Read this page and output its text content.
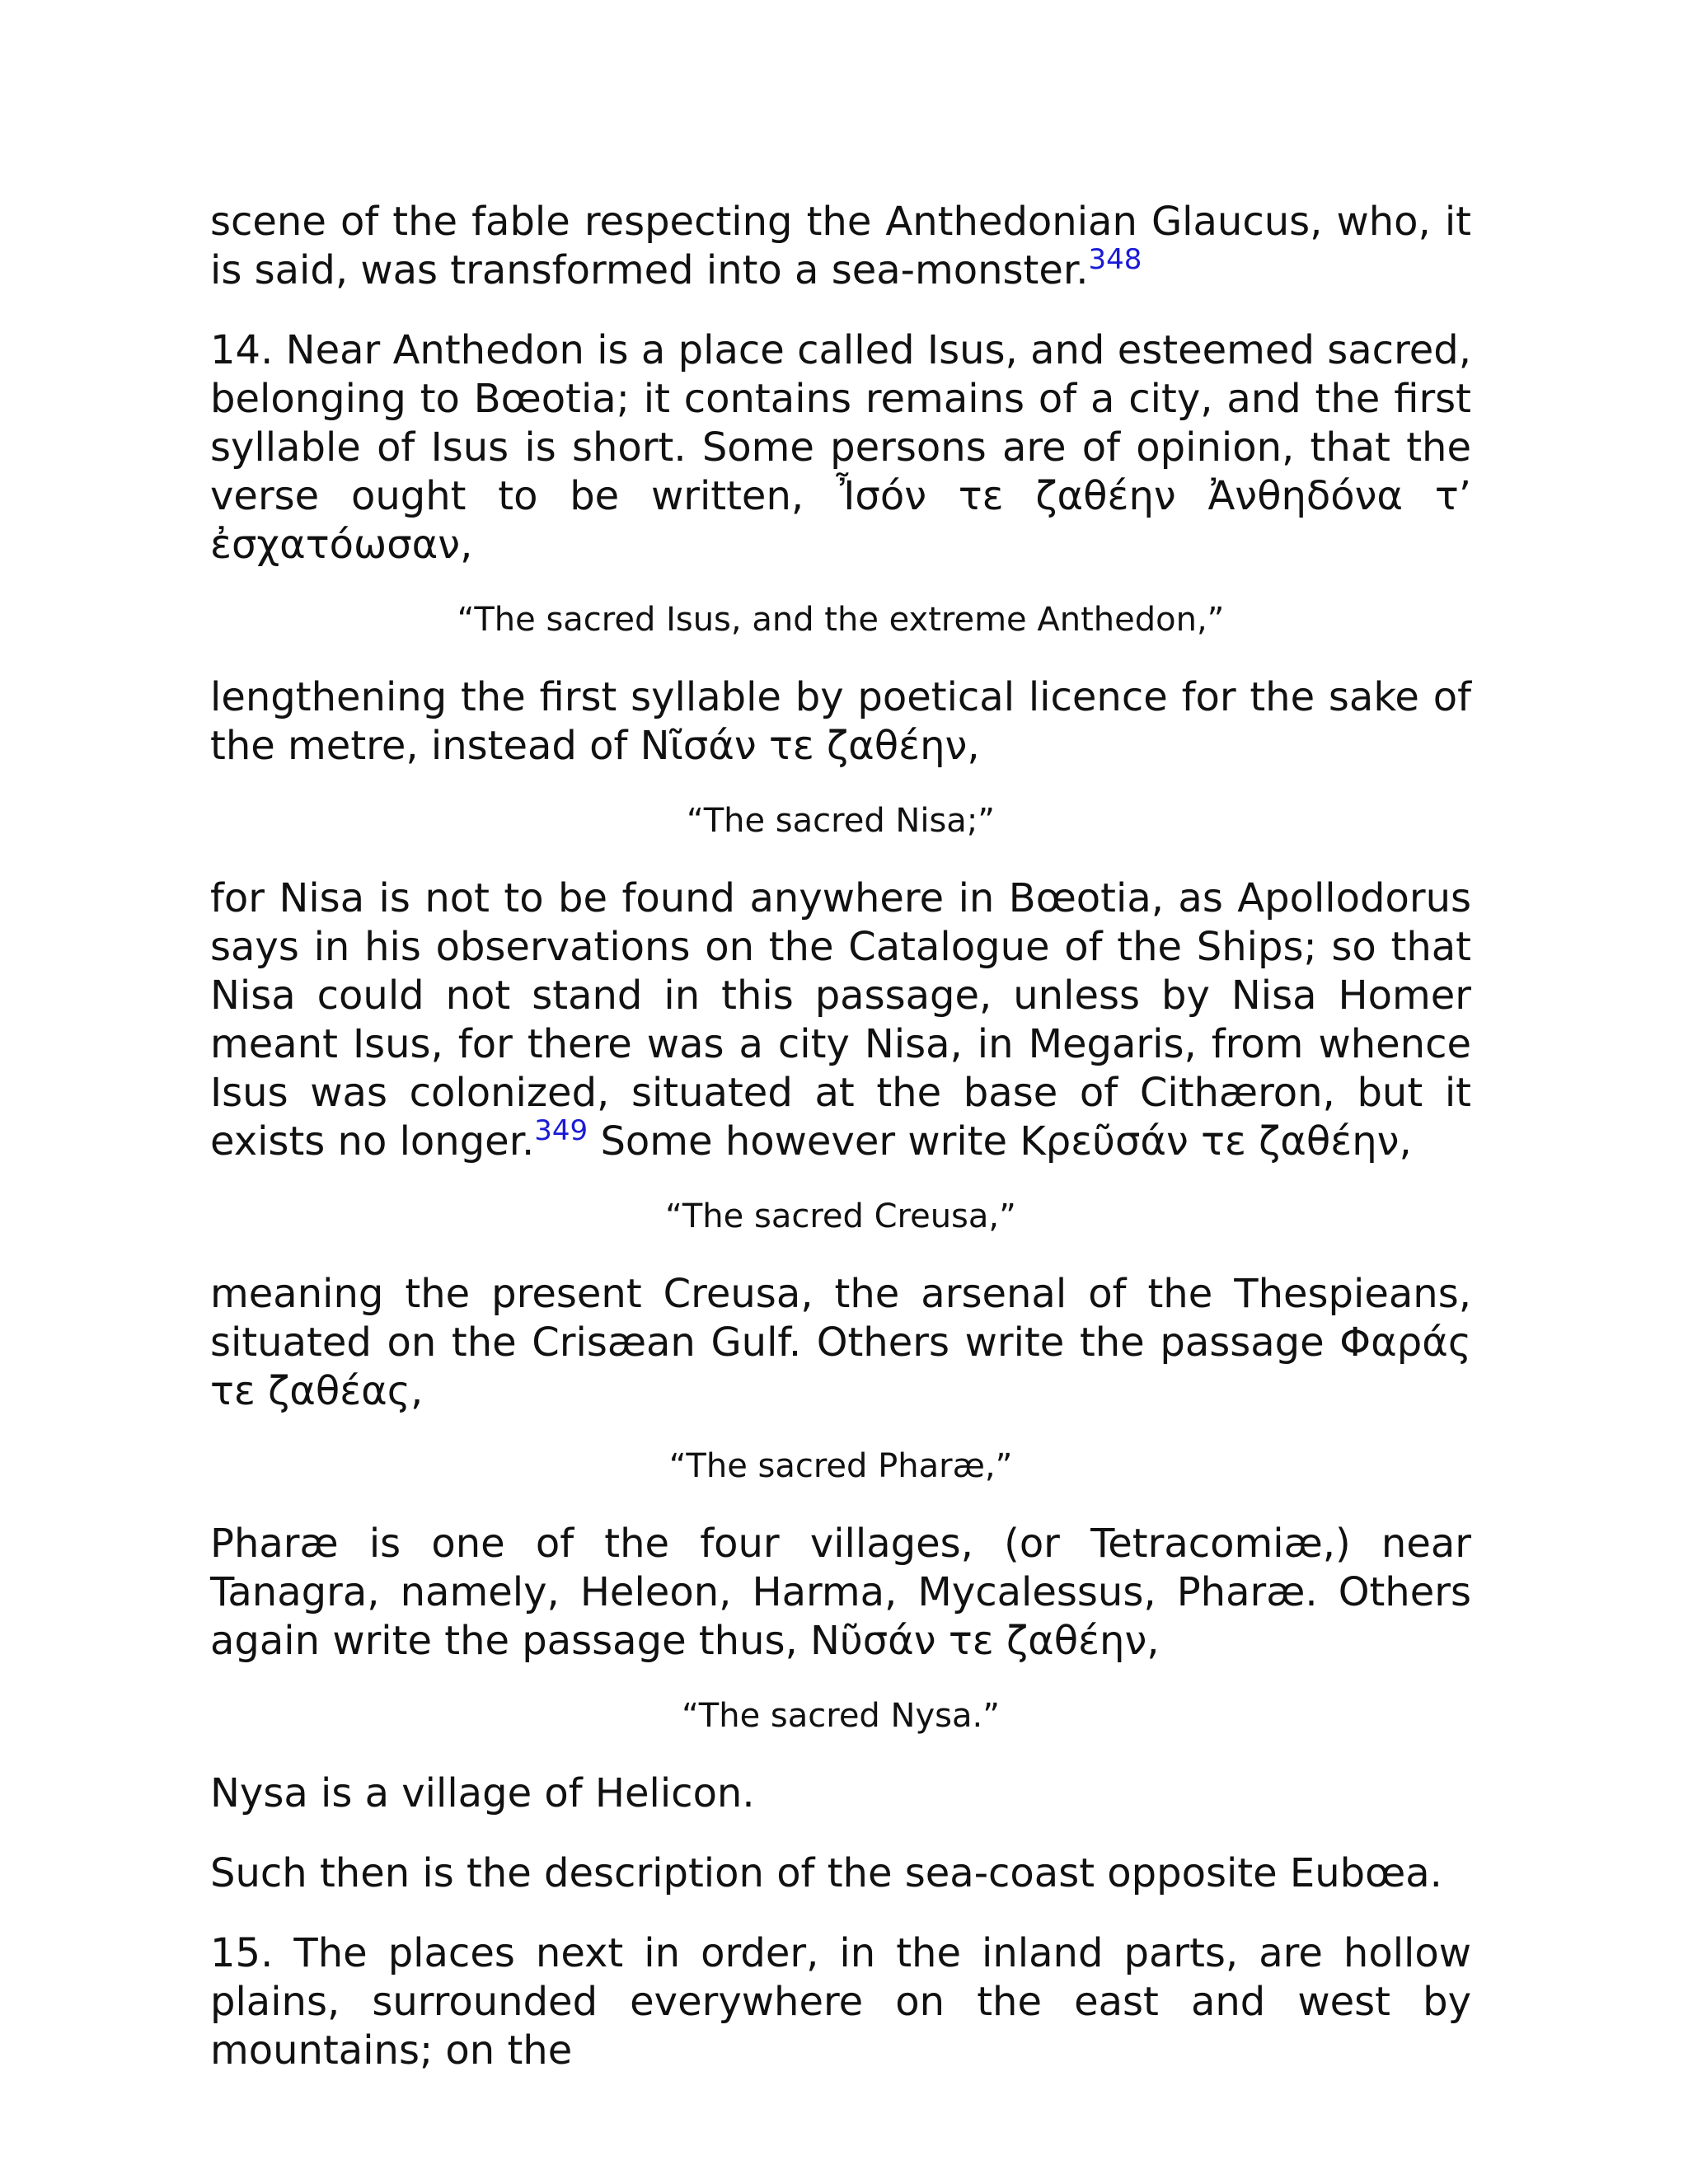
scene of the fable respecting the Anthedonian Glaucus, who, it is said, was transformed into a sea-monster.$^{348}$

14. Near Anthedon is a place called Isus, and esteemed sacred, belonging to Bœotia; it contains remains of a city, and the first syllable of Isus is short. Some persons are of opinion, that the verse ought to be written, Ἶσόν τε ζαθέην Ἀνθηδόνα τ’ ἐσχατόωσαν,

“The sacred Isus, and the extreme Anthedon,”

lengthening the first syllable by poetical licence for the sake of the metre, instead of Νῖσάν τε ζαθέην,

“The sacred Nisa;”

for Nisa is not to be found anywhere in Bœotia, as Apollodorus says in his observations on the Catalogue of the Ships; so that Nisa could not stand in this passage, unless by Nisa Homer meant Isus, for there was a city Nisa, in Megaris, from whence Isus was colonized, situated at the base of Cithæron, but it exists no longer.$^{349}$ Some however write Κρεῦσάν τε ζαθέην,

“The sacred Creusa,”

meaning the present Creusa, the arsenal of the Thespieans, situated on the Crisæan Gulf. Others write the passage Φαράς τε ζαθέας,

“The sacred Pharæ,”

Pharæ is one of the four villages, (or Tetracomiæ,) near Tanagra, namely, Heleon, Harma, Mycalessus, Pharæ. Others again write the passage thus, Νῦσάν τε ζαθέην,

“The sacred Nysa.”

Nysa is a village of Helicon.

Such then is the description of the sea-coast opposite Eubœa.

15. The places next in order, in the inland parts, are hollow plains, surrounded everywhere on the east and west by mountains; on the
